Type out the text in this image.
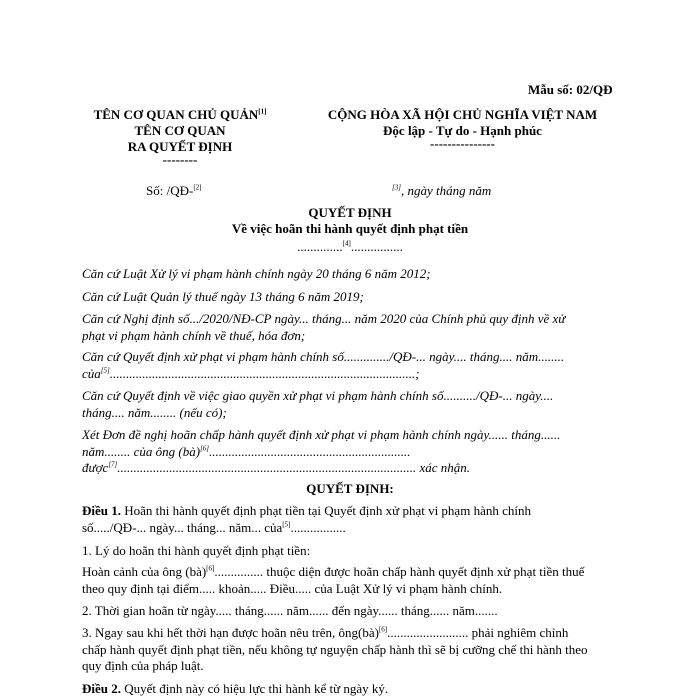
Mẫu số: 02/QĐ
TÊN CƠ QUAN CHỦ QUẢN[1]
TÊN CƠ QUAN
RA QUYẾT ĐỊNH
--------
CỘNG HÒA XÃ HỘI CHỦ NGHĨA VIỆT NAM
Độc lập - Tự do - Hạnh phúc
---------------
Số: /QĐ-[2]	[3], ngày tháng năm
QUYẾT ĐỊNH
Về việc hoãn thi hành quyết định phạt tiền
..............[4]................
Căn cứ Luật Xử lý vi phạm hành chính ngày 20 tháng 6 năm 2012;
Căn cứ Luật Quản lý thuế ngày 13 tháng 6 năm 2019;
Căn cứ Nghị định số.../2020/NĐ-CP ngày... tháng... năm 2020 của Chính phủ quy định về xử
phạt vi phạm hành chính về thuế, hóa đơn;
Căn cứ Quyết định xử phạt vi phạm hành chính số............../QĐ-... ngày.... tháng.... năm........
của[5]..............................................................................................;
Căn cứ Quyết định về việc giao quyền xử phạt vi phạm hành chính số........../QĐ-... ngày....
tháng.... năm........ (nếu có);
Xét Đơn đề nghị hoãn chấp hành quyết định xử phạt vi phạm hành chính ngày...... tháng......
năm........ của ông (bà)[6]..............................................................
được[7]............................................................................................ xác nhận.
QUYẾT ĐỊNH:
Điều 1. Hoãn thi hành quyết định phạt tiền tại Quyết định xử phạt vi phạm hành chính
số...../QĐ-... ngày... tháng... năm... của[5].................
1. Lý do hoãn thi hành quyết định phạt tiền:
Hoàn cảnh của ông (bà)[6]............... thuộc diện được hoãn chấp hành quyết định xử phạt tiền thuế
theo quy định tại điểm..... khoản..... Điều..... của Luật Xử lý vi phạm hành chính.
2. Thời gian hoãn từ ngày..... tháng...... năm...... đến ngày...... tháng...... năm.......
3. Ngay sau khi hết thời hạn được hoãn nêu trên, ông(bà)[6]......................... phải nghiêm chỉnh
chấp hành quyết định phạt tiền, nếu không tự nguyện chấp hành thì sẽ bị cưỡng chế thi hành theo
quy định của pháp luật.
Điều 2. Quyết định này có hiệu lực thi hành kể từ ngày ký.
